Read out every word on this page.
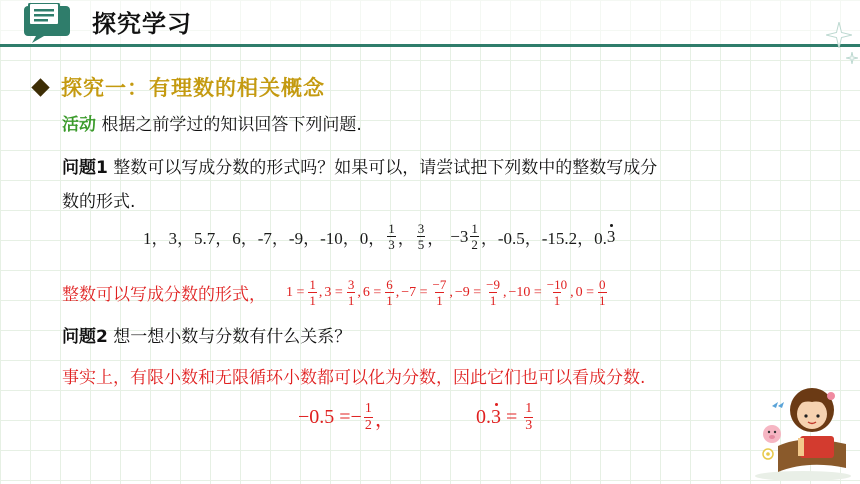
探究学习
探究一：有理数的相关概念
活动 根据之前学过的知识回答下列问题.
问题1 整数可以写成分数的形式吗？如果可以，请尝试把下列数中的整数写成分
数的形式.
1，3，5.7，6，-7，-9，-10，0， $\frac{1}{3}$ ， $\frac{3}{5}$ ， $-3 \frac{1}{2}$ ，-0.5，-15.2，0. 3
整数可以写成分数的形式， $1 = \frac{1}{1}$ , $3 = \frac{3}{1}$ , $6 = \frac{6}{1}$ , $-7 = \frac{-7}{1}$ , $-9 = \frac{-9}{1}$ , $-10 = \frac{-10}{1}$ , $0 = \frac{0}{1}$
问题2 想一想小数与分数有什么关系？
事实上，有限小数和无限循环小数都可以化为分数，因此它们也可以看成分数.
$-0.5 =- \frac{1}{2}$ ，	0. $3 = \frac{1}{3}$
